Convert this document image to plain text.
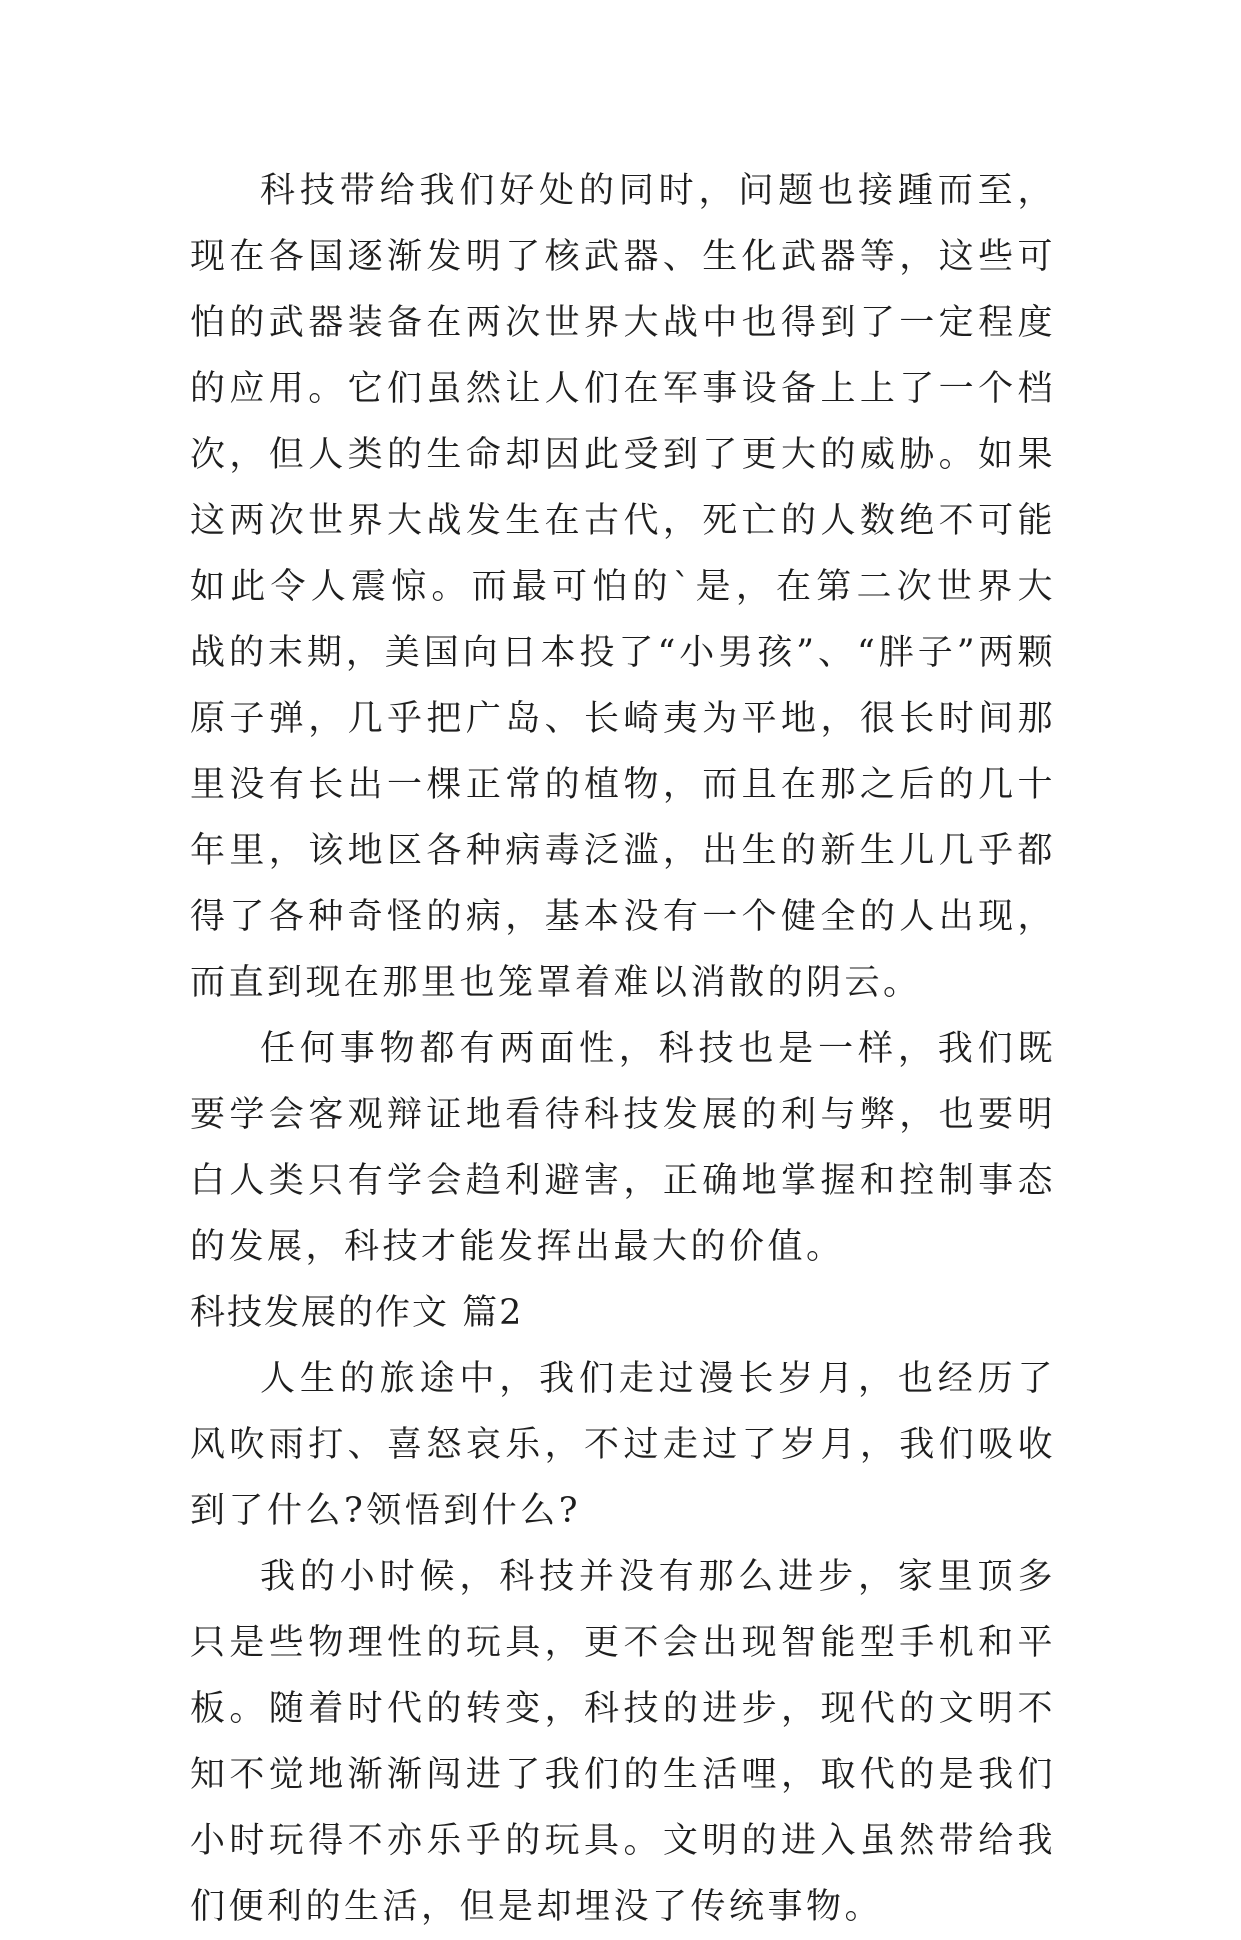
科技带给我们好处的同时，问题也接踵而至，现在各国逐渐发明了核武器、生化武器等，这些可怕的武器装备在两次世界大战中也得到了一定程度的应用。它们虽然让人们在军事设备上上了一个档次，但人类的生命却因此受到了更大的威胁。如果这两次世界大战发生在古代，死亡的人数绝不可能如此令人震惊。而最可怕的`是，在第二次世界大战的末期，美国向日本投了“小男孩”、“胖子”两颗原子弹，几乎把广岛、长崎夷为平地，很长时间那里没有长出一棵正常的植物，而且在那之后的几十年里，该地区各种病毒泛滥，出生的新生儿几乎都得了各种奇怪的病，基本没有一个健全的人出现，而直到现在那里也笼罩着难以消散的阴云。

任何事物都有两面性，科技也是一样，我们既要学会客观辩证地看待科技发展的利与弊，也要明白人类只有学会趋利避害，正确地掌握和控制事态的发展，科技才能发挥出最大的价值。

科技发展的作文 篇2

人生的旅途中，我们走过漫长岁月，也经历了风吹雨打、喜怒哀乐，不过走过了岁月，我们吸收到了什么?领悟到什么?

我的小时候，科技并没有那么进步，家里顶多只是些物理性的玩具，更不会出现智能型手机和平板。随着时代的转变，科技的进步，现代的文明不知不觉地渐渐闯进了我们的生活哩，取代的是我们小时玩得不亦乐乎的玩具。文明的进入虽然带给我们便利的生活，但是却埋没了传统事物。
